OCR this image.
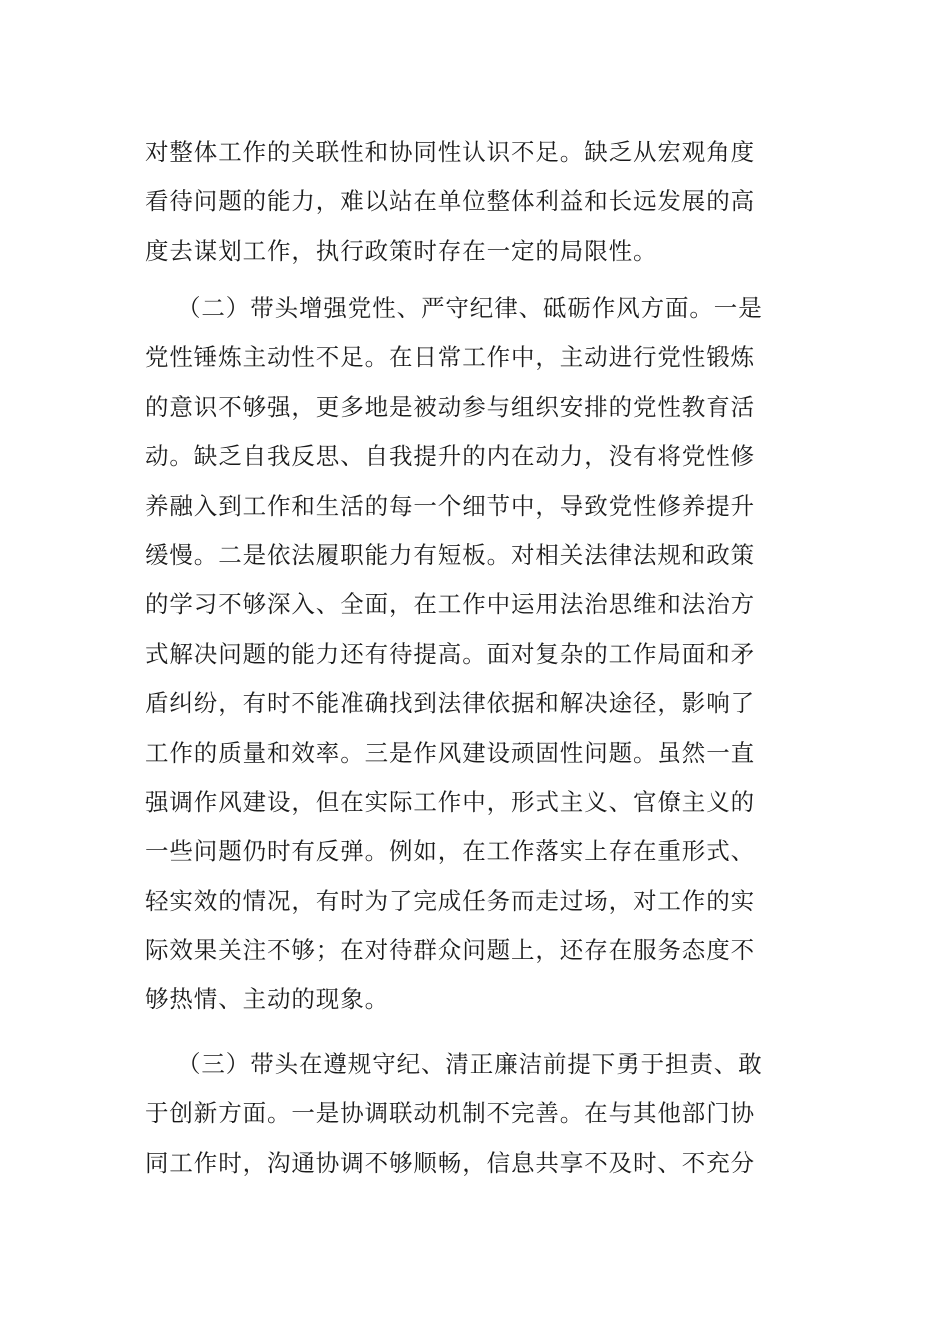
对整体工作的关联性和协同性认识不足。缺乏从宏观角度
看待问题的能力，难以站在单位整体利益和长远发展的高
度去谋划工作，执行政策时存在一定的局限性。
（二）带头增强党性、严守纪律、砥砺作风方面。一是
党性锤炼主动性不足。在日常工作中，主动进行党性锻炼
的意识不够强，更多地是被动参与组织安排的党性教育活
动。缺乏自我反思、自我提升的内在动力，没有将党性修
养融入到工作和生活的每一个细节中，导致党性修养提升
缓慢。二是依法履职能力有短板。对相关法律法规和政策
的学习不够深入、全面，在工作中运用法治思维和法治方
式解决问题的能力还有待提高。面对复杂的工作局面和矛
盾纠纷，有时不能准确找到法律依据和解决途径，影响了
工作的质量和效率。三是作风建设顽固性问题。虽然一直
强调作风建设，但在实际工作中，形式主义、官僚主义的
一些问题仍时有反弹。例如，在工作落实上存在重形式、
轻实效的情况，有时为了完成任务而走过场，对工作的实
际效果关注不够；在对待群众问题上，还存在服务态度不
够热情、主动的现象。
（三）带头在遵规守纪、清正廉洁前提下勇于担责、敢
于创新方面。一是协调联动机制不完善。在与其他部门协
同工作时，沟通协调不够顺畅，信息共享不及时、不充分
